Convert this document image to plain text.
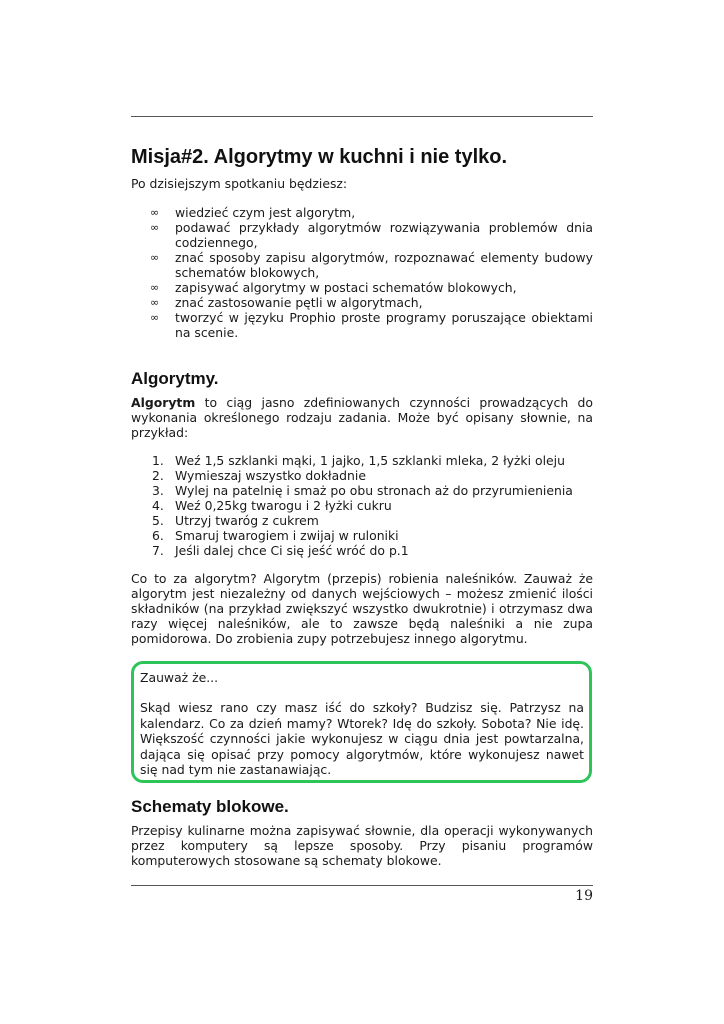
Misja#2. Algorytmy w kuchni i nie tylko.
Po dzisiejszym spotkaniu będziesz:
∞ wiedzieć czym jest algorytm,
∞ podawać przykłady algorytmów rozwiązywania problemów dnia codziennego,
∞ znać sposoby zapisu algorytmów, rozpoznawać elementy budowy schematów blokowych,
∞ zapisywać algorytmy w postaci schematów blokowych,
∞ znać zastosowanie pętli w algorytmach,
∞ tworzyć w języku Prophio proste programy poruszające obiektami na scenie.
Algorytmy.
Algorytm to ciąg jasno zdefiniowanych czynności prowadzących do wykonania określonego rodzaju zadania. Może być opisany słownie, na przykład:
1. Weź 1,5 szklanki mąki, 1 jajko, 1,5 szklanki mleka, 2 łyżki oleju
2. Wymieszaj wszystko dokładnie
3. Wylej na patelnię i smaż po obu stronach aż do przyrumienienia
4. Weź 0,25kg twarogu i 2 łyżki cukru
5. Utrzyj twaróg z cukrem
6. Smaruj twarogiem i zwijaj w ruloniki
7. Jeśli dalej chce Ci się jeść wróć do p.1
Co to za algorytm? Algorytm (przepis) robienia naleśników. Zauważ że algorytm jest niezależny od danych wejściowych – możesz zmienić ilości składników (na przykład zwiększyć wszystko dwukrotnie) i otrzymasz dwa razy więcej naleśników, ale to zawsze będą naleśniki a nie zupa pomidorowa. Do zrobienia zupy potrzebujesz innego algorytmu.
Zauważ że...
Skąd wiesz rano czy masz iść do szkoły? Budzisz się. Patrzysz na kalendarz. Co za dzień mamy? Wtorek? Idę do szkoły. Sobota? Nie idę. Większość czynności jakie wykonujesz w ciągu dnia jest powtarzalna, dająca się opisać przy pomocy algorytmów, które wykonujesz nawet się nad tym nie zastanawiając.
Schematy blokowe.
Przepisy kulinarne można zapisywać słownie, dla operacji wykonywanych przez komputery są lepsze sposoby. Przy pisaniu programów komputerowych stosowane są schematy blokowe.
19
